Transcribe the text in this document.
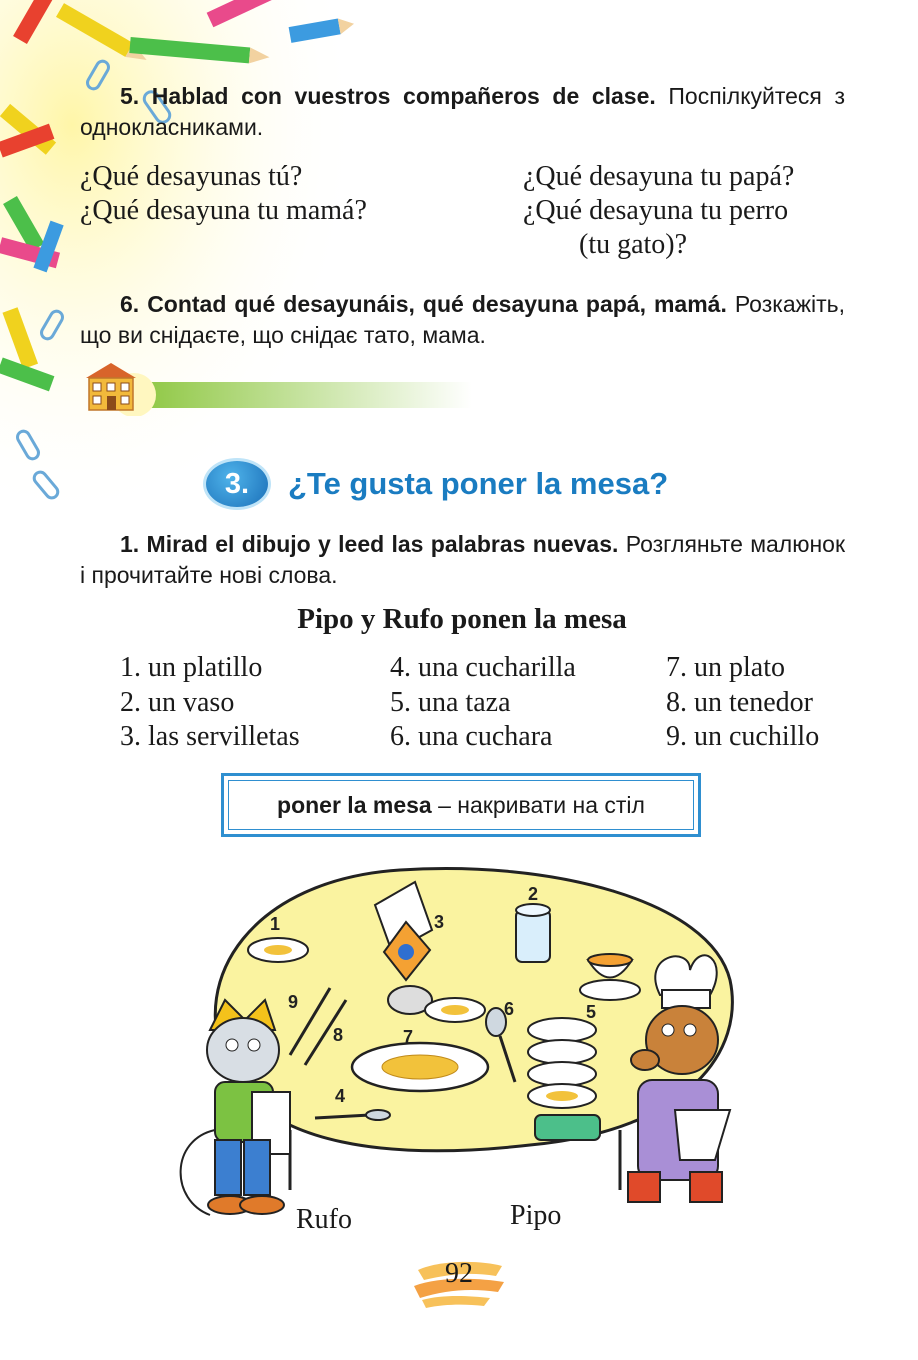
5. Hablad con vuestros compañeros de clase. Поспілкуйтеся з однокласниками.
¿Qué desayunas tú?
¿Qué desayuna tu mamá?
¿Qué desayuna tu papá?
¿Qué desayuna tu perro
(tu gato)?
6. Contad qué desayunáis, qué desayuna papá, mamá. Розкажіть, що ви снідаєте, що снідає тато, мама.
3.	¿Te gusta poner la mesa?
1. Mirad el dibujo y leed las palabras nuevas. Розгляньте малюнок і прочитайте нові слова.
Pipo y Rufo ponen la mesa
1. un platillo
2. un vaso
3. las servilletas
4. una cucharilla
5. una taza
6. una cuchara
7. un plato
8. un tenedor
9. un cuchillo
poner la mesa – накривати на стіл
1
2
3
4
5
6
7
8
9
Rufo	Pipo
92
